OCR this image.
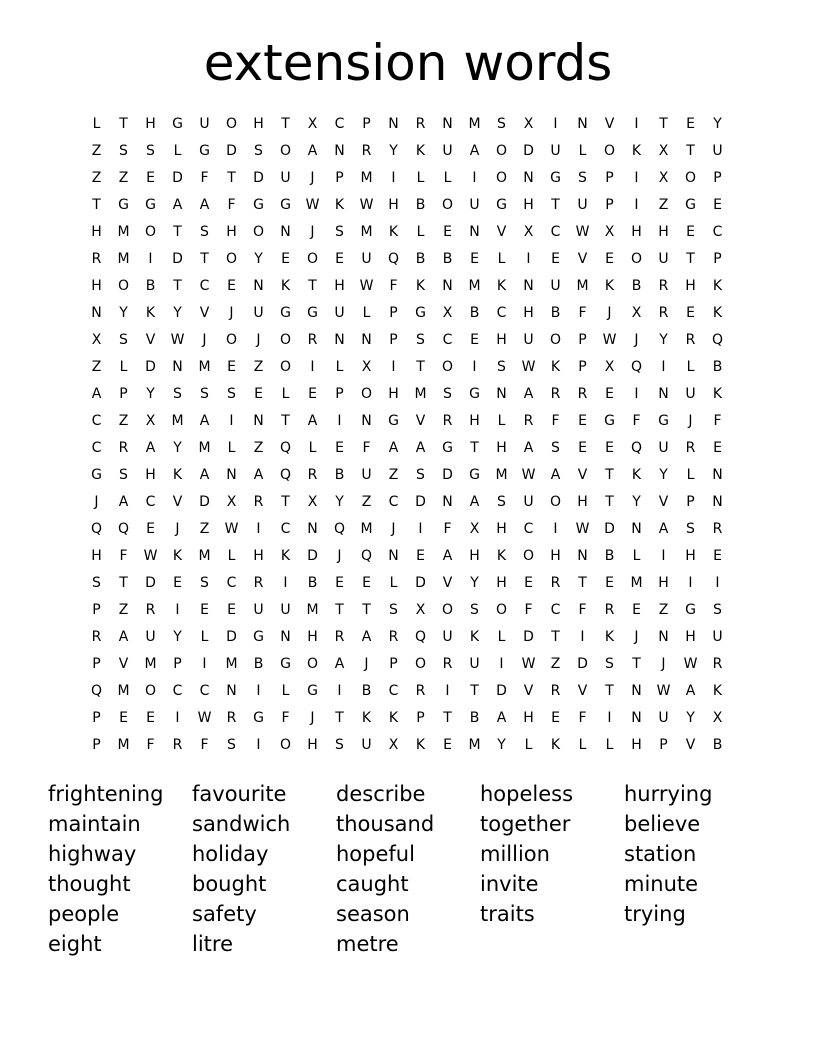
extension words
L	T	H	G	U	O	H	T	X	C	P	N	R	N	M	S	X	I	N	V	I	T	E	Y
Z	S	S	L	G	D	S	O	A	N	R	Y	K	U	A	O	D	U	L	O	K	X	T	U
Z	Z	E	D	F	T	D	U	J	P	M	I	L	L	I	O	N	G	S	P	I	X	O	P
T	G	G	A	A	F	G	G	W	K	W	H	B	O	U	G	H	T	U	P	I	Z	G	E
H	M	O	T	S	H	O	N	J	S	M	K	L	E	N	V	X	C	W	X	H	H	E	C
R	M	I	D	T	O	Y	E	O	E	U	Q	B	B	E	L	I	E	V	E	O	U	T	P
H	O	B	T	C	E	N	K	T	H	W	F	K	N	M	K	N	U	M	K	B	R	H	K
N	Y	K	Y	V	J	U	G	G	U	L	P	G	X	B	C	H	B	F	J	X	R	E	K
X	S	V	W	J	O	J	O	R	N	N	P	S	C	E	H	U	O	P	W	J	Y	R	Q
Z	L	D	N	M	E	Z	O	I	L	X	I	T	O	I	S	W	K	P	X	Q	I	L	B
A	P	Y	S	S	S	E	L	E	P	O	H	M	S	G	N	A	R	R	E	I	N	U	K
C	Z	X	M	A	I	N	T	A	I	N	G	V	R	H	L	R	F	E	G	F	G	J	F
C	R	A	Y	M	L	Z	Q	L	E	F	A	A	G	T	H	A	S	E	E	Q	U	R	E
G	S	H	K	A	N	A	Q	R	B	U	Z	S	D	G	M	W	A	V	T	K	Y	L	N
J	A	C	V	D	X	R	T	X	Y	Z	C	D	N	A	S	U	O	H	T	Y	V	P	N
Q	Q	E	J	Z	W	I	C	N	Q	M	J	I	F	X	H	C	I	W	D	N	A	S	R
H	F	W	K	M	L	H	K	D	J	Q	N	E	A	H	K	O	H	N	B	L	I	H	E
S	T	D	E	S	C	R	I	B	E	E	L	D	V	Y	H	E	R	T	E	M	H	I	I
P	Z	R	I	E	E	U	U	M	T	T	S	X	O	S	O	F	C	F	R	E	Z	G	S
R	A	U	Y	L	D	G	N	H	R	A	R	Q	U	K	L	D	T	I	K	J	N	H	U
P	V	M	P	I	M	B	G	O	A	J	P	O	R	U	I	W	Z	D	S	T	J	W	R
Q	M	O	C	C	N	I	L	G	I	B	C	R	I	T	D	V	R	V	T	N	W	A	K
P	E	E	I	W	R	G	F	J	T	K	K	P	T	B	A	H	E	F	I	N	U	Y	X
P	M	F	R	F	S	I	O	H	S	U	X	K	E	M	Y	L	K	L	L	H	P	V	B
frightening
maintain
highway
thought
people
eight
favourite
sandwich
holiday
bought
safety
litre
describe
thousand
hopeful
caught
season
metre
hopeless
together
million
invite
traits
hurrying
believe
station
minute
trying
